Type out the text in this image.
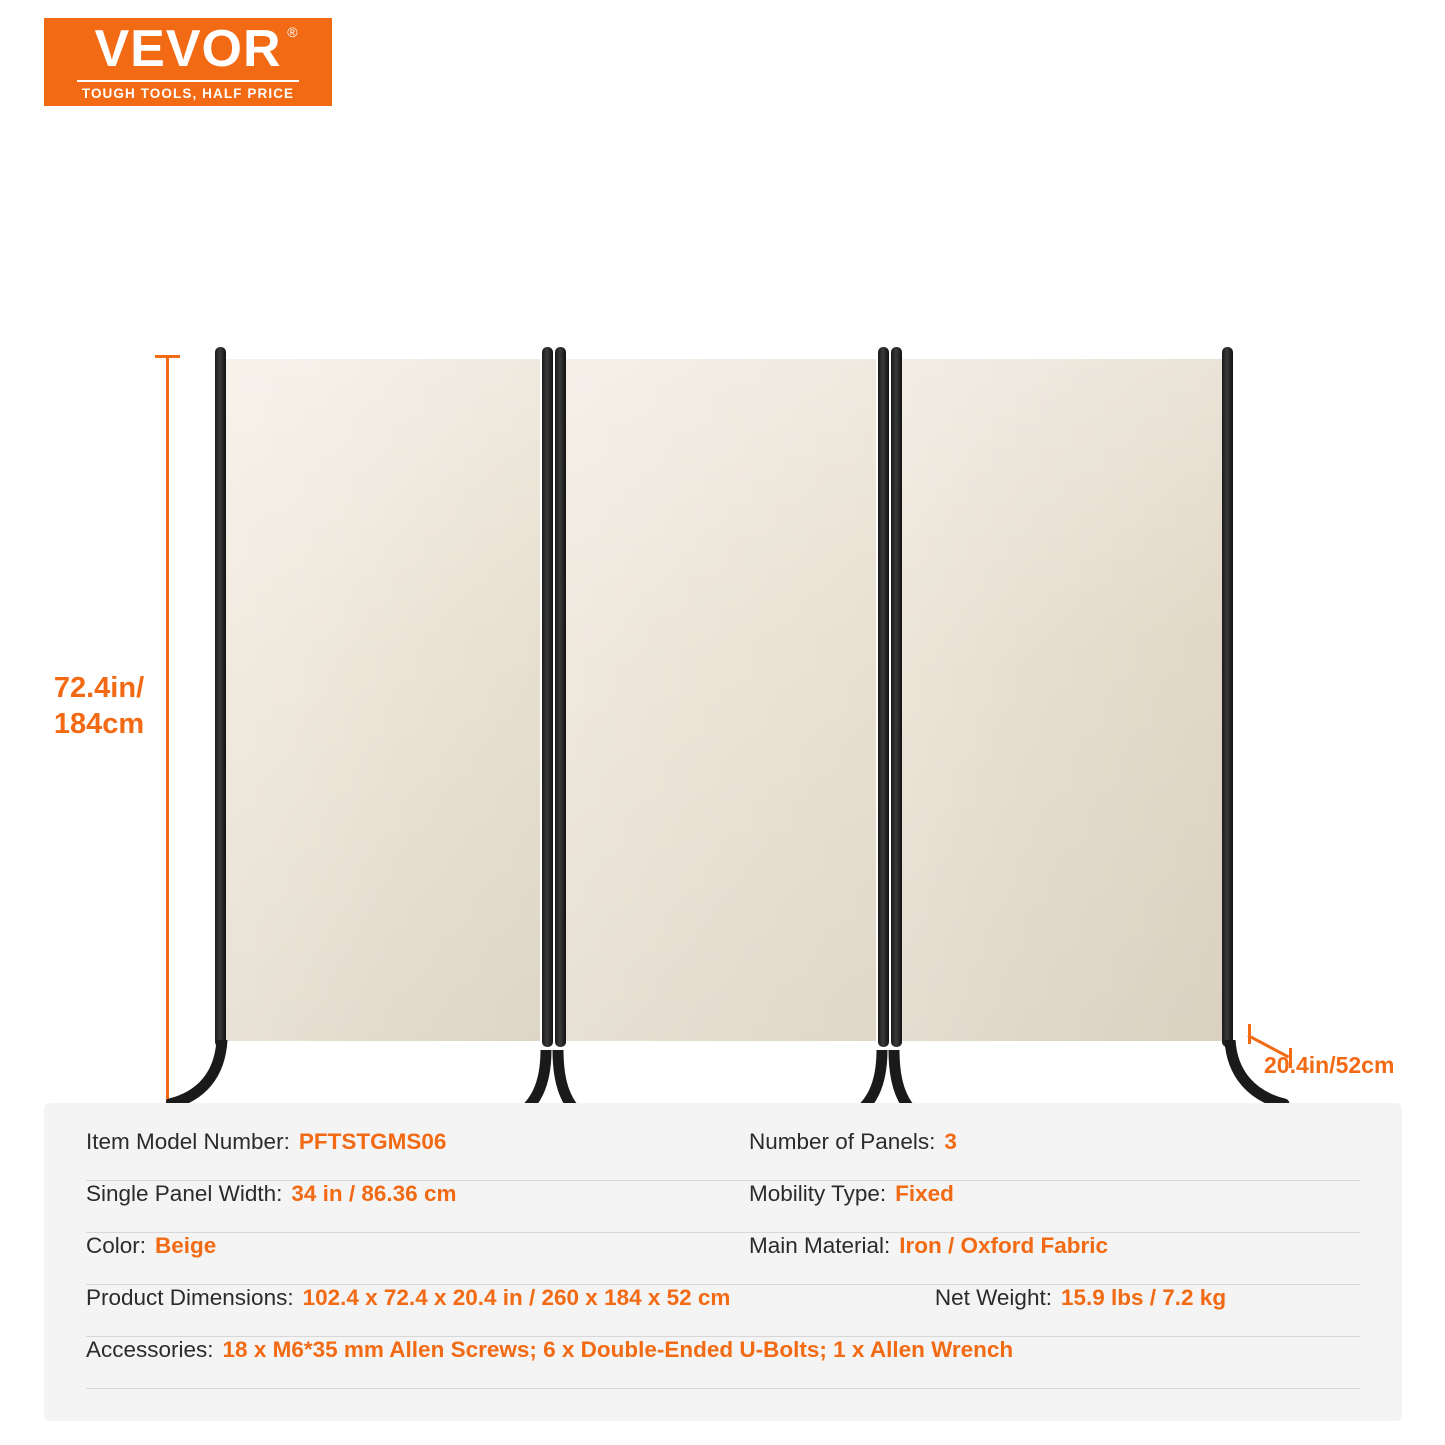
VEVOR ®
TOUGH TOOLS, HALF PRICE
72.4in/
184cm
20.4in/52cm
Item Model Number: PFTSTGMS06	Number of Panels: 3
Single Panel Width: 34 in / 86.36 cm	Mobility Type: Fixed
Color: Beige	Main Material: Iron / Oxford Fabric
Product Dimensions: 102.4 x 72.4 x 20.4 in / 260 x 184 x 52 cm	Net Weight: 15.9 lbs / 7.2 kg
Accessories: 18 x M6*35 mm Allen Screws; 6 x Double-Ended U-Bolts; 1 x Allen Wrench
